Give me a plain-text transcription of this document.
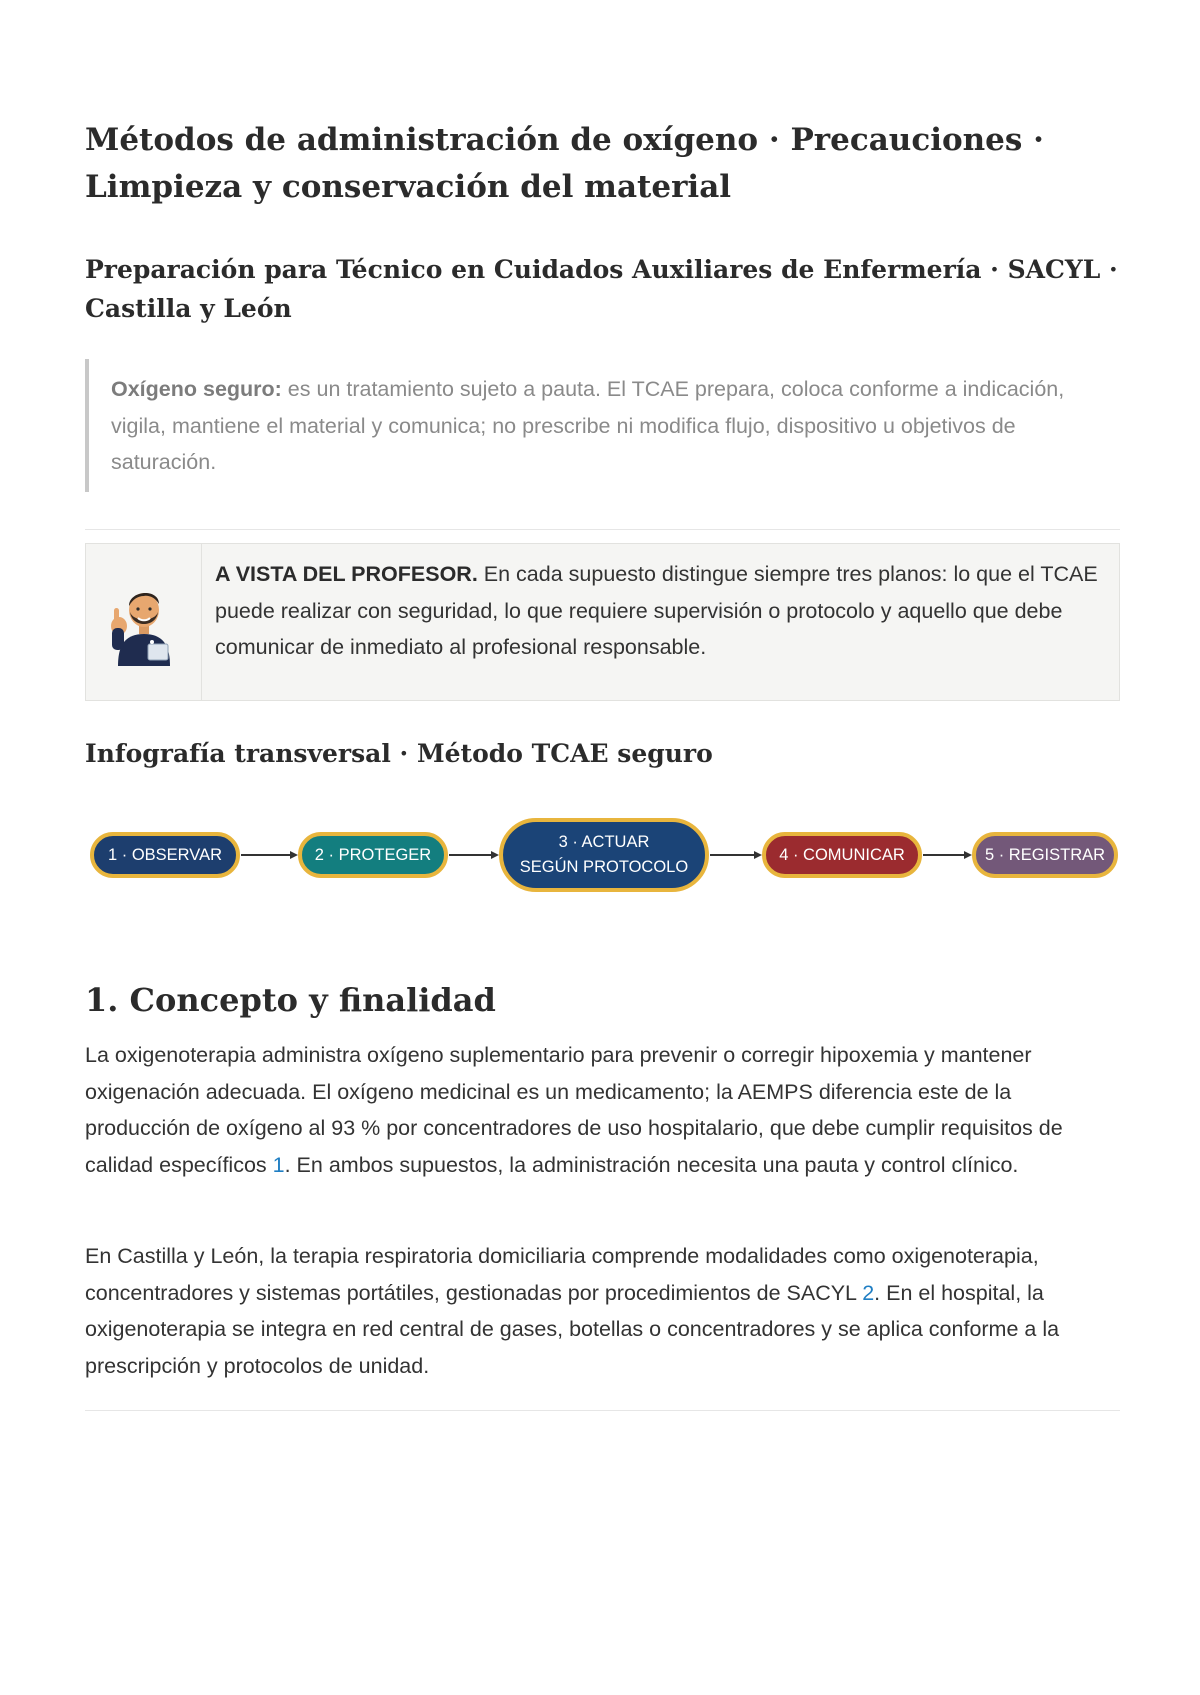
Métodos de administración de oxígeno · Precauciones · Limpieza y conservación del material
Preparación para Técnico en Cuidados Auxiliares de Enfermería · SACYL · Castilla y León
Oxígeno seguro: es un tratamiento sujeto a pauta. El TCAE prepara, coloca conforme a indicación, vigila, mantiene el material y comunica; no prescribe ni modifica flujo, dispositivo u objetivos de saturación.
A VISTA DEL PROFESOR. En cada supuesto distingue siempre tres planos: lo que el TCAE puede realizar con seguridad, lo que requiere supervisión o protocolo y aquello que debe comunicar de inmediato al profesional responsable.
Infografía transversal · Método TCAE seguro
1 · OBSERVAR	2 · PROTEGER
3 · ACTUAR
SEGÚN PROTOCOLO
4 · COMUNICAR	5 · REGISTRAR
1. Concepto y finalidad

La oxigenoterapia administra oxígeno suplementario para prevenir o corregir hipoxemia y mantener oxigenación adecuada. El oxígeno medicinal es un medicamento; la AEMPS diferencia este de la producción de oxígeno al 93 % por concentradores de uso hospitalario, que debe cumplir requisitos de calidad específicos 1. En ambos supuestos, la administración necesita una pauta y control clínico.

En Castilla y León, la terapia respiratoria domiciliaria comprende modalidades como oxigenoterapia, concentradores y sistemas portátiles, gestionadas por procedimientos de SACYL 2. En el hospital, la oxigenoterapia se integra en red central de gases, botellas o concentradores y se aplica conforme a la prescripción y protocolos de unidad.
